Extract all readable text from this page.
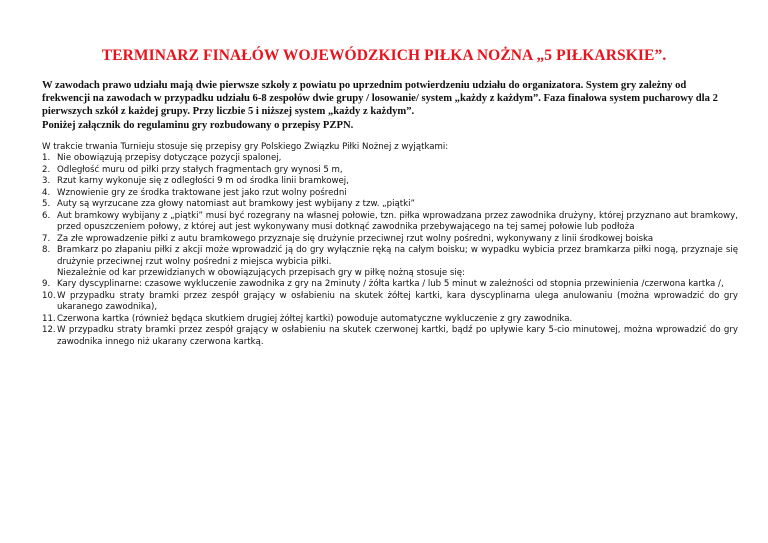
TERMINARZ FINAŁÓW WOJEWÓDZKICH PIŁKA NOŻNA „5 PIŁKARSKIE”.

W zawodach prawo udziału mają dwie pierwsze szkoły z powiatu po uprzednim potwierdzeniu udziału do organizatora. System gry zależny od frekwencji na zawodach w przypadku udziału 6-8 zespołów dwie grupy / losowanie/ system „każdy z każdym”. Faza finałowa system pucharowy dla 2 pierwszych szkół z każdej grupy. Przy liczbie 5 i niższej system „każdy z każdym”.

Poniżej załącznik do regulaminu gry rozbudowany o przepisy PZPN.

W trakcie trwania Turnieju stosuje się przepisy gry Polskiego Związku Piłki Nożnej z wyjątkami:

1. Nie obowiązują przepisy dotyczące pozycji spalonej,
2. Odległość muru od piłki przy stałych fragmentach gry wynosi 5 m,
3. Rzut karny wykonuje się z odległości 9 m od środka linii bramkowej,
4. Wznowienie gry ze środka traktowane jest jako rzut wolny pośredni
5. Auty są wyrzucane zza głowy natomiast aut bramkowy jest wybijany z tzw. „piątki”
6. Aut bramkowy wybijany z „piątki” musi być rozegrany na własnej połowie, tzn. piłka wprowadzana przez zawodnika drużyny, której przyznano aut bramkowy, przed opuszczeniem połowy, z której aut jest wykonywany musi dotknąć zawodnika przebywającego na tej samej połowie lub podłoża
7. Za złe wprowadzenie piłki z autu bramkowego przyznaje się drużynie przeciwnej rzut wolny pośredni, wykonywany z linii środkowej boiska
8. Bramkarz po złapaniu piłki z akcji może wprowadzić ją do gry wyłącznie ręką na całym boisku; w wypadku wybicia przez bramkarza piłki nogą, przyznaje się drużynie przeciwnej rzut wolny pośredni z miejsca wybicia piłki.

Niezależnie od kar przewidzianych w obowiązujących przepisach gry w piłkę nożną stosuje się:

9. Kary dyscyplinarne: czasowe wykluczenie zawodnika z gry na 2minuty / żółta kartka / lub 5 minut w zależności od stopnia przewinienia /czerwona kartka /,
10. W przypadku straty bramki przez zespół grający w osłabieniu na skutek żółtej kartki, kara dyscyplinarna ulega anulowaniu (można wprowadzić do gry ukaranego zawodnika),
11. Czerwona kartka (również będąca skutkiem drugiej żółtej kartki) powoduje automatyczne wykluczenie z gry zawodnika.
12. W przypadku straty bramki przez zespół grający w osłabieniu na skutek czerwonej kartki, bądź po upływie kary 5-cio minutowej, można wprowadzić do gry zawodnika innego niż ukarany czerwona kartką.
